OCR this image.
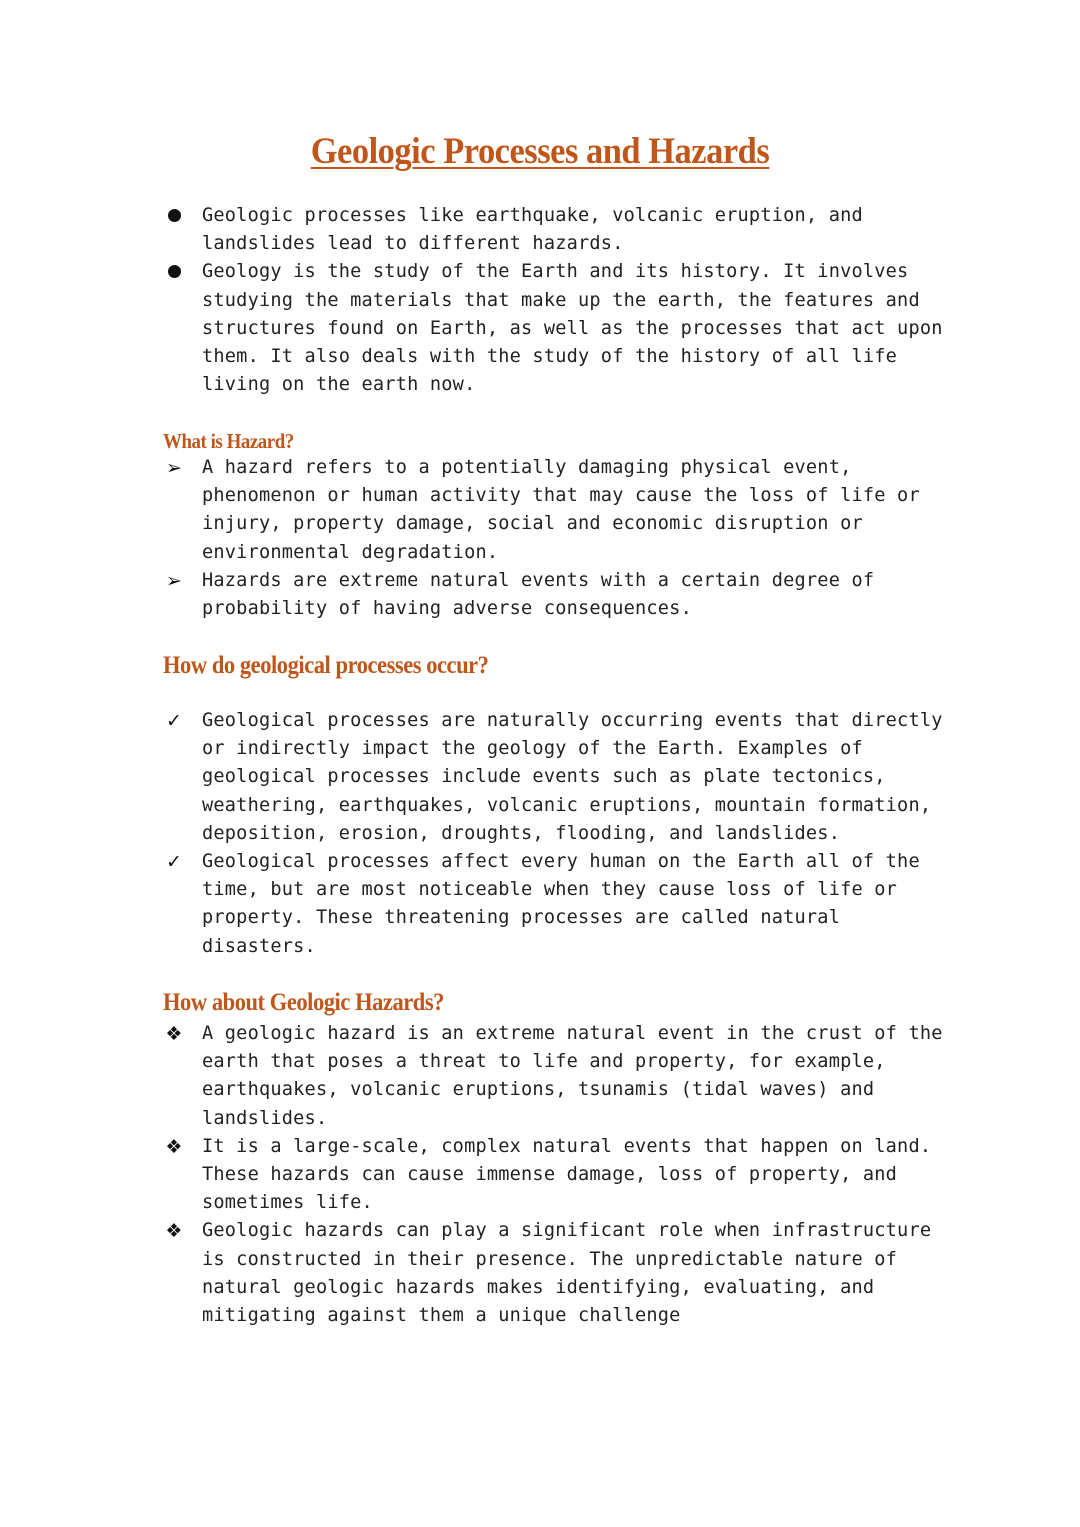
Geologic Processes and Hazards
Geologic processes like earthquake, volcanic eruption, and
landslides lead to different hazards.
Geology is the study of the Earth and its history. It involves
studying the materials that make up the earth, the features and
structures found on Earth, as well as the processes that act upon
them. It also deals with the study of the history of all life
living on the earth now.
What is Hazard?
➢ A hazard refers to a potentially damaging physical event,
phenomenon or human activity that may cause the loss of life or
injury, property damage, social and economic disruption or
environmental degradation.
➢ Hazards are extreme natural events with a certain degree of
probability of having adverse consequences.
How do geological processes occur?
✓ Geological processes are naturally occurring events that directly
or indirectly impact the geology of the Earth. Examples of
geological processes include events such as plate tectonics,
weathering, earthquakes, volcanic eruptions, mountain formation,
deposition, erosion, droughts, flooding, and landslides.
✓ Geological processes affect every human on the Earth all of the
time, but are most noticeable when they cause loss of life or
property. These threatening processes are called natural
disasters.
How about Geologic Hazards?
❖ A geologic hazard is an extreme natural event in the crust of the
earth that poses a threat to life and property, for example,
earthquakes, volcanic eruptions, tsunamis (tidal waves) and
landslides.
❖ It is a large-scale, complex natural events that happen on land.
These hazards can cause immense damage, loss of property, and
sometimes life.
❖ Geologic hazards can play a significant role when infrastructure
is constructed in their presence. The unpredictable nature of
natural geologic hazards makes identifying, evaluating, and
mitigating against them a unique challenge
